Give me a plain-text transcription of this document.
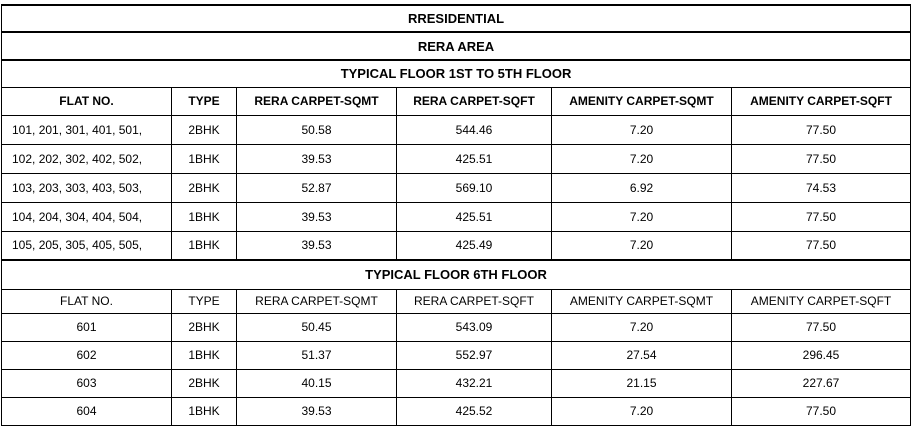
RRESIDENTIAL					
RERA AREA					
TYPICAL FLOOR 1ST TO 5TH FLOOR					
FLAT NO.	TYPE	RERA CARPET-SQMT	RERA CARPET-SQFT	AMENITY CARPET-SQMT	AMENITY CARPET-SQFT
101, 201, 301, 401, 501,	2BHK	50.58	544.46	7.20	77.50
102, 202, 302, 402, 502,	1BHK	39.53	425.51	7.20	77.50
103, 203, 303, 403, 503,	2BHK	52.87	569.10	6.92	74.53
104, 204, 304, 404, 504,	1BHK	39.53	425.51	7.20	77.50
105, 205, 305, 405, 505,	1BHK	39.53	425.49	7.20	77.50
TYPICAL FLOOR 6TH FLOOR					
FLAT NO.	TYPE	RERA CARPET-SQMT	RERA CARPET-SQFT	AMENITY CARPET-SQMT	AMENITY CARPET-SQFT
601	2BHK	50.45	543.09	7.20	77.50
602	1BHK	51.37	552.97	27.54	296.45
603	2BHK	40.15	432.21	21.15	227.67
604	1BHK	39.53	425.52	7.20	77.50
